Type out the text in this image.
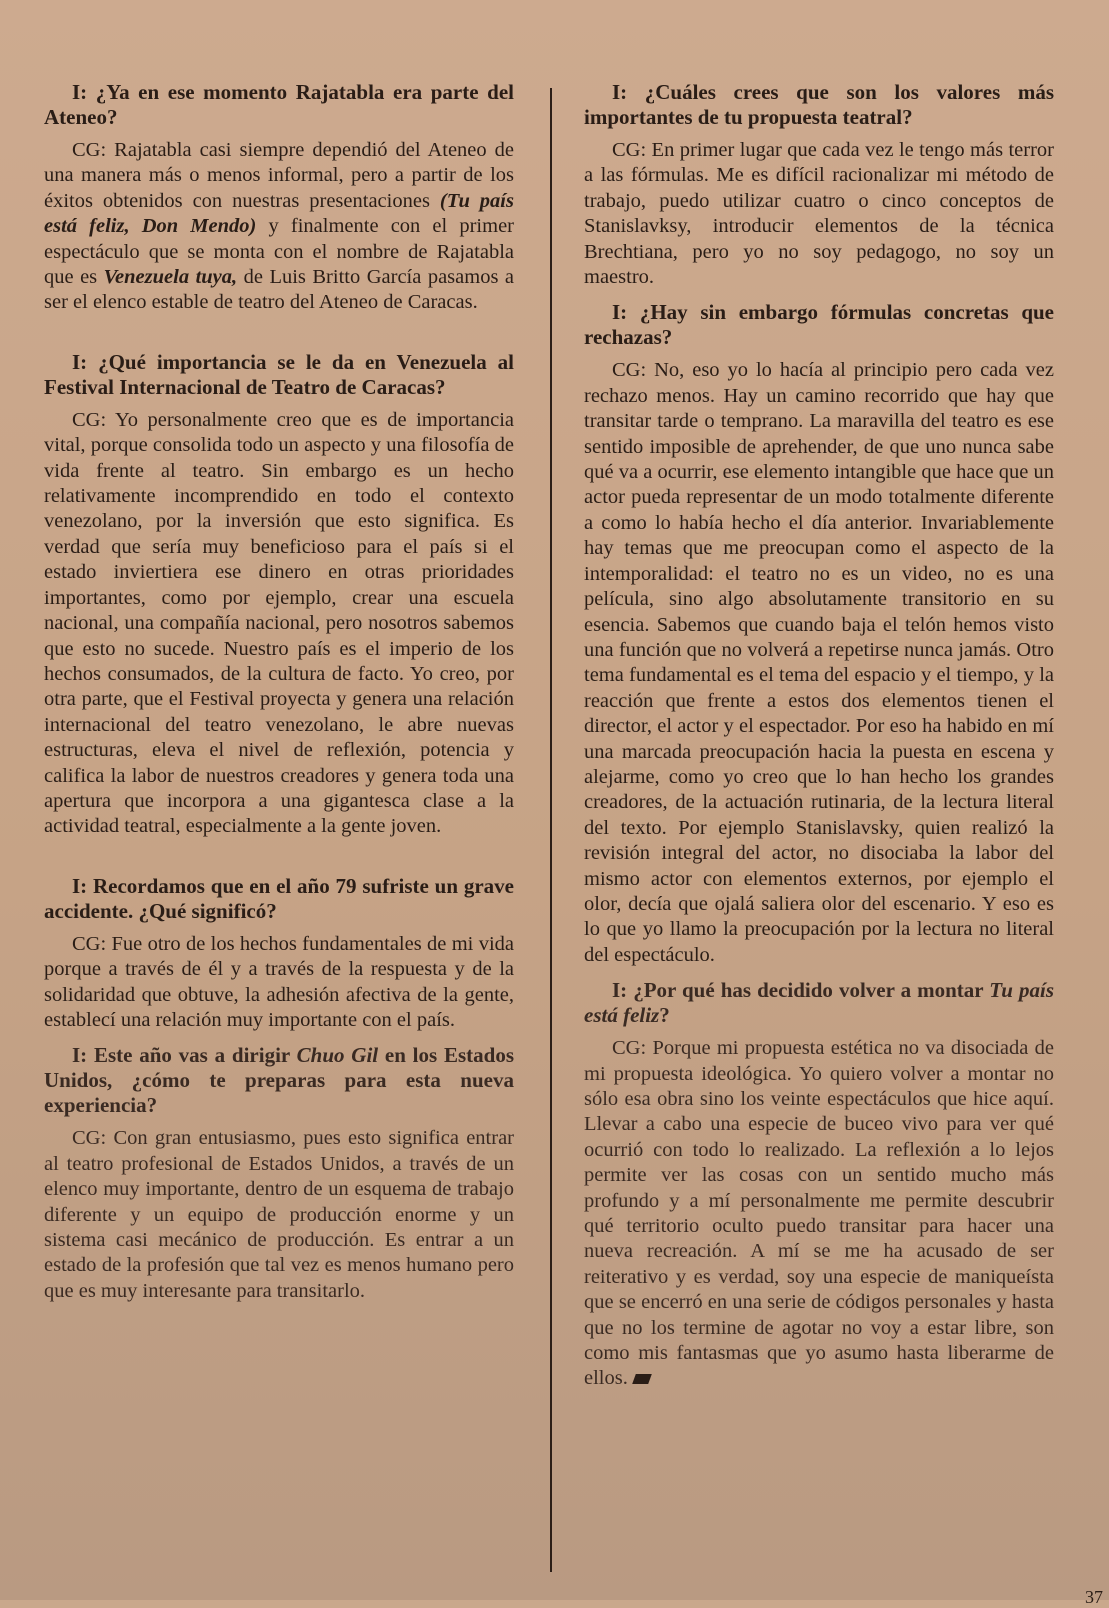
I: ¿Ya en ese momento Rajatabla era parte del Ateneo?

CG: Rajatabla casi siempre dependió del Ateneo de una manera más o menos informal, pero a partir de los éxitos obtenidos con nuestras presentaciones (Tu país está feliz, Don Mendo) y finalmente con el primer espectáculo que se monta con el nombre de Rajatabla que es Venezuela tuya, de Luis Britto García pasamos a ser el elenco estable de teatro del Ateneo de Caracas.

I: ¿Qué importancia se le da en Venezuela al Festival Internacional de Teatro de Caracas?

CG: Yo personalmente creo que es de importancia vital, porque consolida todo un aspecto y una filosofía de vida frente al teatro. Sin embargo es un hecho relativamente incomprendido en todo el contexto venezolano, por la inversión que esto significa. Es verdad que sería muy beneficioso para el país si el estado inviertiera ese dinero en otras prioridades importantes, como por ejemplo, crear una escuela nacional, una compañía nacional, pero nosotros sabemos que esto no sucede. Nuestro país es el imperio de los hechos consumados, de la cultura de facto. Yo creo, por otra parte, que el Festival proyecta y genera una relación internacional del teatro venezolano, le abre nuevas estructuras, eleva el nivel de reflexión, potencia y califica la labor de nuestros creadores y genera toda una apertura que incorpora a una gigantesca clase a la actividad teatral, especialmente a la gente joven.

I: Recordamos que en el año 79 sufriste un grave accidente. ¿Qué significó?

CG: Fue otro de los hechos fundamentales de mi vida porque a través de él y a través de la respuesta y de la solidaridad que obtuve, la adhesión afectiva de la gente, establecí una relación muy importante con el país.

I: Este año vas a dirigir Chuo Gil en los Estados Unidos, ¿cómo te preparas para esta nueva experiencia?

CG: Con gran entusiasmo, pues esto significa entrar al teatro profesional de Estados Unidos, a través de un elenco muy importante, dentro de un esquema de trabajo diferente y un equipo de producción enorme y un sistema casi mecánico de producción. Es entrar a un estado de la profesión que tal vez es menos humano pero que es muy interesante para transitarlo.

I: ¿Cuáles crees que son los valores más importantes de tu propuesta teatral?

CG: En primer lugar que cada vez le tengo más terror a las fórmulas. Me es difícil racionalizar mi método de trabajo, puedo utilizar cuatro o cinco conceptos de Stanislavksy, introducir elementos de la técnica Brechtiana, pero yo no soy pedagogo, no soy un maestro.

I: ¿Hay sin embargo fórmulas concretas que rechazas?

CG: No, eso yo lo hacía al principio pero cada vez rechazo menos. Hay un camino recorrido que hay que transitar tarde o temprano. La maravilla del teatro es ese sentido imposible de aprehender, de que uno nunca sabe qué va a ocurrir, ese elemento intangible que hace que un actor pueda representar de un modo totalmente diferente a como lo había hecho el día anterior. Invariablemente hay temas que me preocupan como el aspecto de la intemporalidad: el teatro no es un video, no es una película, sino algo absolutamente transitorio en su esencia. Sabemos que cuando baja el telón hemos visto una función que no volverá a repetirse nunca jamás. Otro tema fundamental es el tema del espacio y el tiempo, y la reacción que frente a estos dos elementos tienen el director, el actor y el espectador. Por eso ha habido en mí una marcada preocupación hacia la puesta en escena y alejarme, como yo creo que lo han hecho los grandes creadores, de la actuación rutinaria, de la lectura literal del texto. Por ejemplo Stanislavsky, quien realizó la revisión integral del actor, no disociaba la labor del mismo actor con elementos externos, por ejemplo el olor, decía que ojalá saliera olor del escenario. Y eso es lo que yo llamo la preocupación por la lectura no literal del espectáculo.

I: ¿Por qué has decidido volver a montar Tu país está feliz?

CG: Porque mi propuesta estética no va disociada de mi propuesta ideológica. Yo quiero volver a montar no sólo esa obra sino los veinte espectáculos que hice aquí. Llevar a cabo una especie de buceo vivo para ver qué ocurrió con todo lo realizado. La reflexión a lo lejos permite ver las cosas con un sentido mucho más profundo y a mí personalmente me permite descubrir qué territorio oculto puedo transitar para hacer una nueva recreación. A mí se me ha acusado de ser reiterativo y es verdad, soy una especie de maniqueísta que se encerró en una serie de códigos personales y hasta que no los termine de agotar no voy a estar libre, son como mis fantasmas que yo asumo hasta liberarme de ellos.

37
